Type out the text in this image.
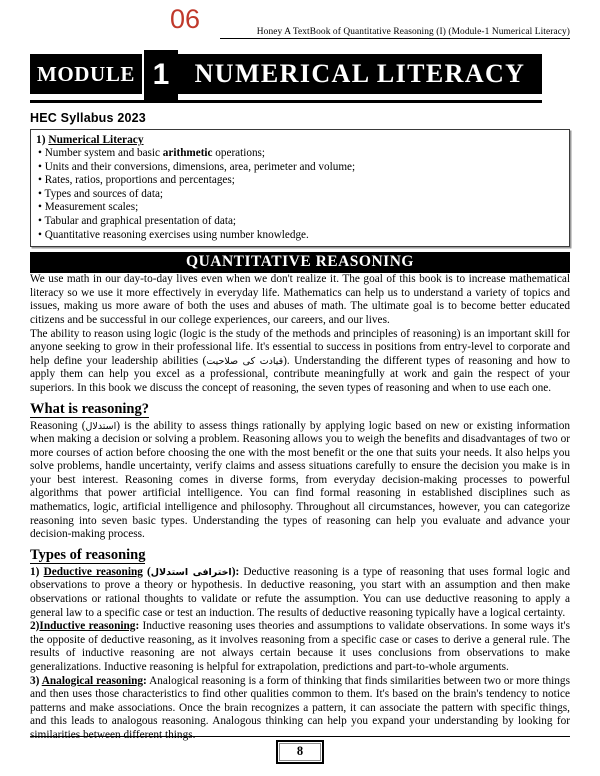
06	Honey A TextBook of Quantitative Reasoning (I) (Module-1 Numerical Literacy)
MODULE 1 NUMERICAL LITERACY
HEC Syllabus 2023
1) Numerical Literacy
• Number system and basic arithmetic operations;
• Units and their conversions, dimensions, area, perimeter and volume;
• Rates, ratios, proportions and percentages;
• Types and sources of data;
• Measurement scales;
• Tabular and graphical presentation of data;
• Quantitative reasoning exercises using number knowledge.
QUANTITATIVE REASONING

We use math in our day-to-day lives even when we don't realize it. The goal of this book is to increase mathematical literacy so we use it more effectively in everyday life. Mathematics can help us to understand a variety of topics and issues, making us more aware of both the uses and abuses of math. The ultimate goal is to become better educated citizens and be successful in our college experiences, our careers, and our lives.

The ability to reason using logic (logic is the study of the methods and principles of reasoning) is an important skill for anyone seeking to grow in their professional life. It's essential to success in positions from entry-level to corporate and help define your leadership abilities (قیادت کی صلاحیت). Understanding the different types of reasoning and how to apply them can help you excel as a professional, contribute meaningfully at work and gain the respect of your superiors. In this book we discuss the concept of reasoning, the seven types of reasoning and when to use each one.

What is reasoning?

Reasoning (استدلال) is the ability to assess things rationally by applying logic based on new or existing information when making a decision or solving a problem. Reasoning allows you to weigh the benefits and disadvantages of two or more courses of action before choosing the one with the most benefit or the one that suits your needs. It also helps you solve problems, handle uncertainty, verify claims and assess situations carefully to ensure the decision you make is in your best interest. Reasoning comes in diverse forms, from everyday decision-making processes to powerful algorithms that power artificial intelligence. You can find formal reasoning in established disciplines such as mathematics, logic, artificial intelligence and philosophy. Throughout all circumstances, however, you can categorize reasoning into seven basic types. Understanding the types of reasoning can help you evaluate and advance your decision-making process.

Types of reasoning

1) Deductive reasoning (اخترافی استدلال): Deductive reasoning is a type of reasoning that uses formal logic and observations to prove a theory or hypothesis. In deductive reasoning, you start with an assumption and then make observations or rational thoughts to validate or refute the assumption. You can use deductive reasoning to apply a general law to a specific case or test an induction. The results of deductive reasoning typically have a logical certainty.

2)Inductive reasoning: Inductive reasoning uses theories and assumptions to validate observations. In some ways it's the opposite of deductive reasoning, as it involves reasoning from a specific case or cases to derive a general rule. The results of inductive reasoning are not always certain because it uses conclusions from observations to make generalizations. Inductive reasoning is helpful for extrapolation, predictions and part-to-whole arguments.

3) Analogical reasoning: Analogical reasoning is a form of thinking that finds similarities between two or more things and then uses those characteristics to find other qualities common to them. It's based on the brain's tendency to notice patterns and make associations. Once the brain recognizes a pattern, it can associate the pattern with specific things, and this leads to analogous reasoning. Analogous thinking can help you expand your understanding by looking for similarities between different things.

8
